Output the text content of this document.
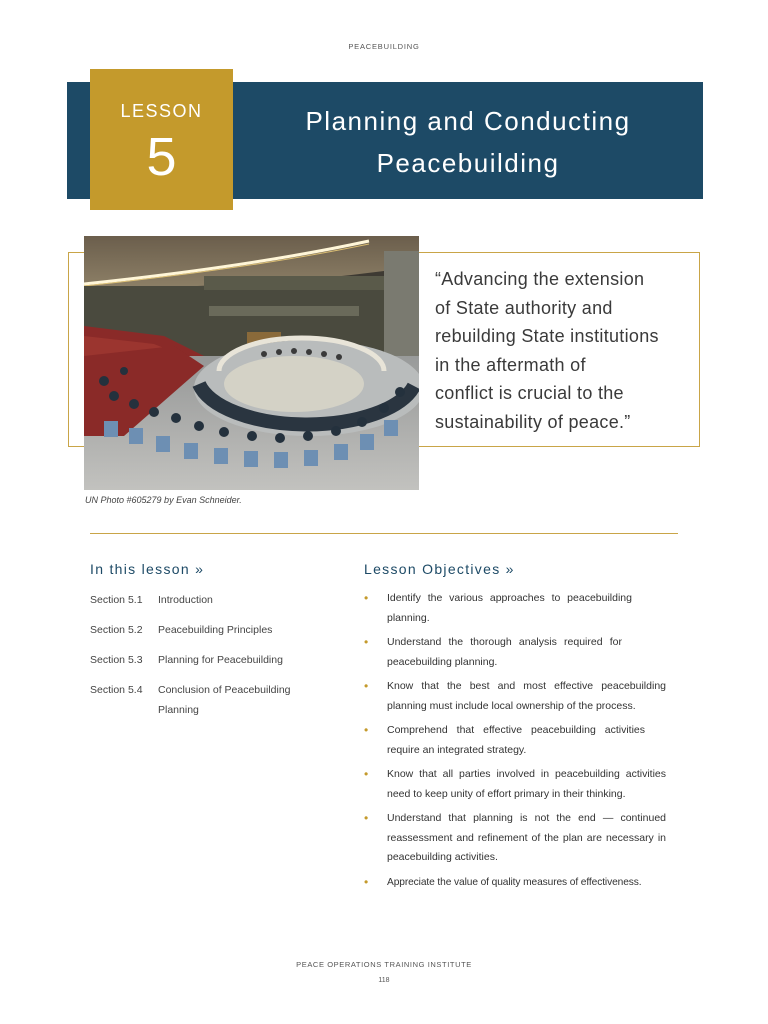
PEACEBUILDING
LESSON
5
Planning and Conducting
Peacebuilding
“Advancing the extension
of State authority and
rebuilding State institutions
in the aftermath of
conflict is crucial to the
sustainability of peace.”
UN Photo #605279 by Evan Schneider.
In this lesson »	Lesson Objectives »
Section 5.1	Introduction
Section 5.2	Peacebuilding Principles
Section 5.3	Planning for Peacebuilding
Section 5.4	Conclusion of Peacebuilding Planning
•	Identify the various approaches to peacebuilding planning.
•	Understand the thorough analysis required for peacebuilding planning.
•	Know that the best and most effective peacebuilding planning must include local ownership of the process.
•	Comprehend that effective peacebuilding activities require an integrated strategy.
•	Know that all parties involved in peacebuilding activities need to keep unity of effort primary in their thinking.
•	Understand that planning is not the end — continued reassessment and refinement of the plan are necessary in peacebuilding activities.
•	Appreciate the value of quality measures of effectiveness.
PEACE OPERATIONS TRAINING INSTITUTE
118
